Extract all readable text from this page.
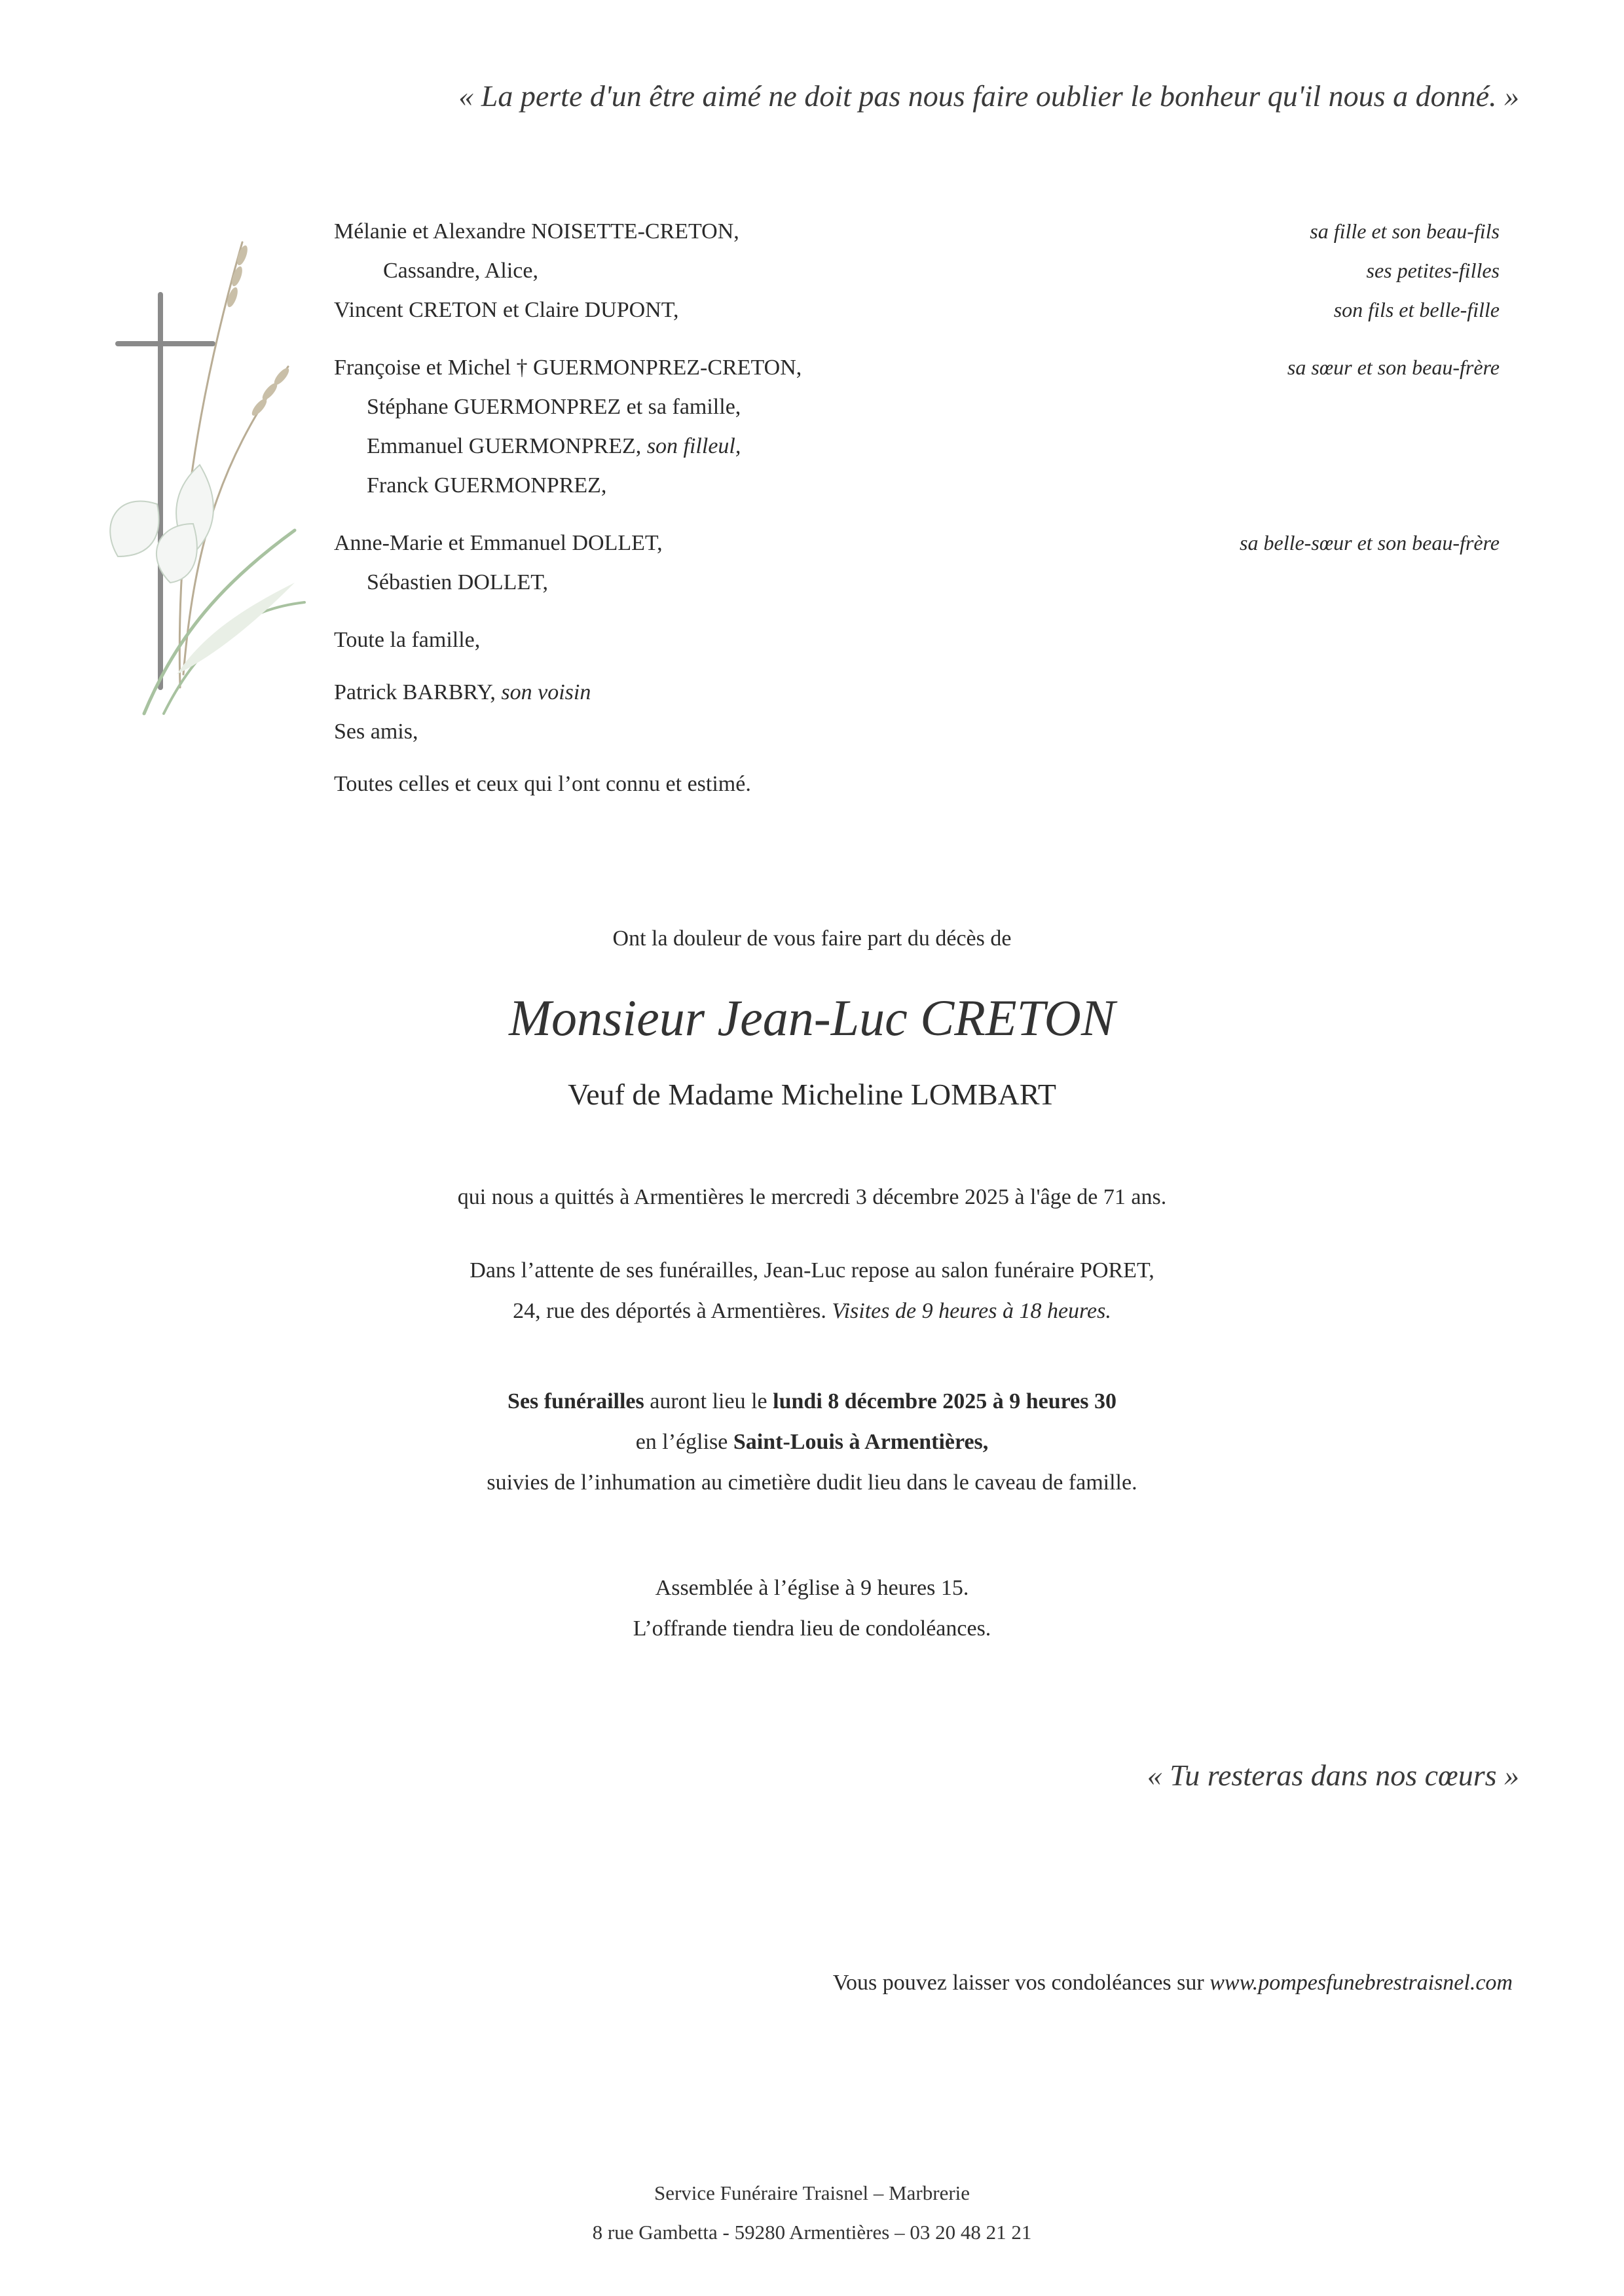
« La perte d'un être aimé ne doit pas nous faire oublier le bonheur qu'il nous a donné. »
Mélanie et Alexandre NOISETTE-CRETON,	sa fille et son beau-fils
Cassandre, Alice,	ses petites-filles
Vincent CRETON et Claire DUPONT,	son fils et belle-fille
Françoise et Michel † GUERMONPREZ-CRETON,	sa sœur et son beau-frère
Stéphane GUERMONPREZ et sa famille,
Emmanuel GUERMONPREZ, son filleul,
Franck GUERMONPREZ,
Anne-Marie et Emmanuel DOLLET,	sa belle-sœur et son beau-frère
Sébastien DOLLET,
Toute la famille,
Patrick BARBRY, son voisin
Ses amis,
Toutes celles et ceux qui l’ont connu et estimé.
Ont la douleur de vous faire part du décès de
Monsieur Jean-Luc CRETON
Veuf de Madame Micheline LOMBART
qui nous a quittés à Armentières le mercredi 3 décembre 2025 à l'âge de 71 ans.
Dans l’attente de ses funérailles, Jean-Luc repose au salon funéraire PORET,
24, rue des déportés à Armentières. Visites de 9 heures à 18 heures.
Ses funérailles auront lieu le lundi 8 décembre 2025 à 9 heures 30
en l’église Saint-Louis à Armentières,
suivies de l’inhumation au cimetière dudit lieu dans le caveau de famille.
Assemblée à l’église à 9 heures 15.
L’offrande tiendra lieu de condoléances.
« Tu resteras dans nos cœurs »
Vous pouvez laisser vos condoléances sur www.pompesfunebrestraisnel.com
Service Funéraire Traisnel – Marbrerie
8 rue Gambetta - 59280 Armentières – 03 20 48 21 21
